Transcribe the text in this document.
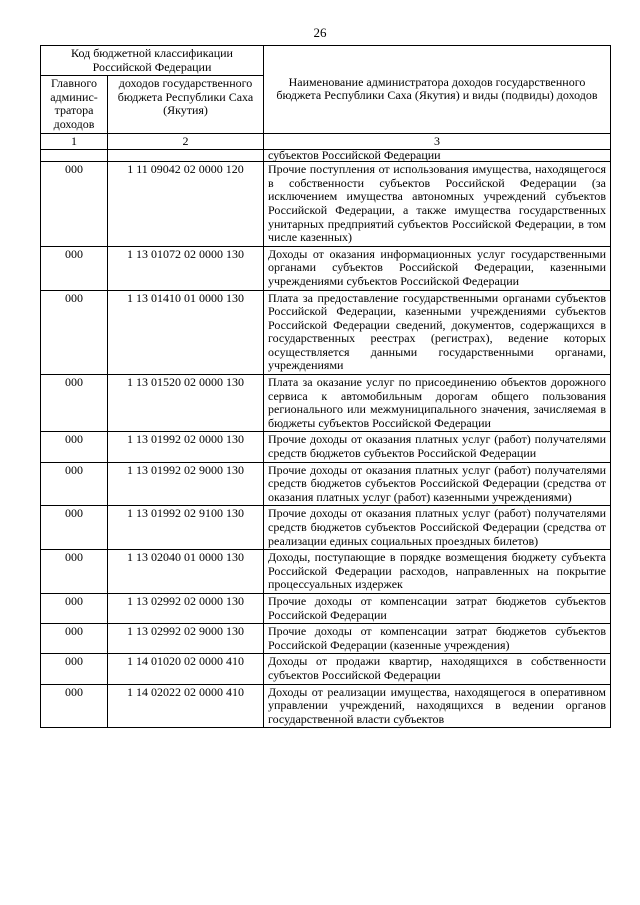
26
Код бюджетной классификации Российской Федерации		Наименование администратора доходов государственного бюджета Республики Саха (Якутия) и виды (подвиды) доходов
Главного админис-тратора доходов	доходов государственного бюджета Республики Саха (Якутия)	
1	2	3
		субъектов Российской Федерации
000	1 11 09042 02 0000 120	Прочие поступления от использования имущества, находящегося в собственности субъектов Российской Федерации (за исключением имущества автономных учреждений субъектов Российской Федерации, а также имущества государственных унитарных предприятий субъектов Российской Федерации, в том числе казенных)
000	1 13 01072 02 0000 130	Доходы от оказания информационных услуг государственными органами субъектов Российской Федерации, казенными учреждениями субъектов Российской Федерации
000	1 13 01410 01 0000 130	Плата за предоставление государственными органами субъектов Российской Федерации, казенными учреждениями субъектов Российской Федерации сведений, документов, содержащихся в государственных реестрах (регистрах), ведение которых осуществляется данными государственными органами, учреждениями
000	1 13 01520 02 0000 130	Плата за оказание услуг по присоединению объектов дорожного сервиса к автомобильным дорогам общего пользования регионального или межмуниципального значения, зачисляемая в бюджеты субъектов Российской Федерации
000	1 13 01992 02 0000 130	Прочие доходы от оказания платных услуг (работ) получателями средств бюджетов субъектов Российской Федерации
000	1 13 01992 02 9000 130	Прочие доходы от оказания платных услуг (работ) получателями средств бюджетов субъектов Российской Федерации (средства от оказания платных услуг (работ) казенными учреждениями)
000	1 13 01992 02 9100 130	Прочие доходы от оказания платных услуг (работ) получателями средств бюджетов субъектов Российской Федерации (средства от реализации единых социальных проездных билетов)
000	1 13 02040 01 0000 130	Доходы, поступающие в порядке возмещения бюджету субъекта Российской Федерации расходов, направленных на покрытие процессуальных издержек
000	1 13 02992 02 0000 130	Прочие доходы от компенсации затрат бюджетов субъектов Российской Федерации
000	1 13 02992 02 9000 130	Прочие доходы от компенсации затрат бюджетов субъектов Российской Федерации (казенные учреждения)
000	1 14 01020 02 0000 410	Доходы от продажи квартир, находящихся в собственности субъектов Российской Федерации
000	1 14 02022 02 0000 410	Доходы от реализации имущества, находящегося в оперативном управлении учреждений, находящихся в ведении органов государственной власти субъектов
